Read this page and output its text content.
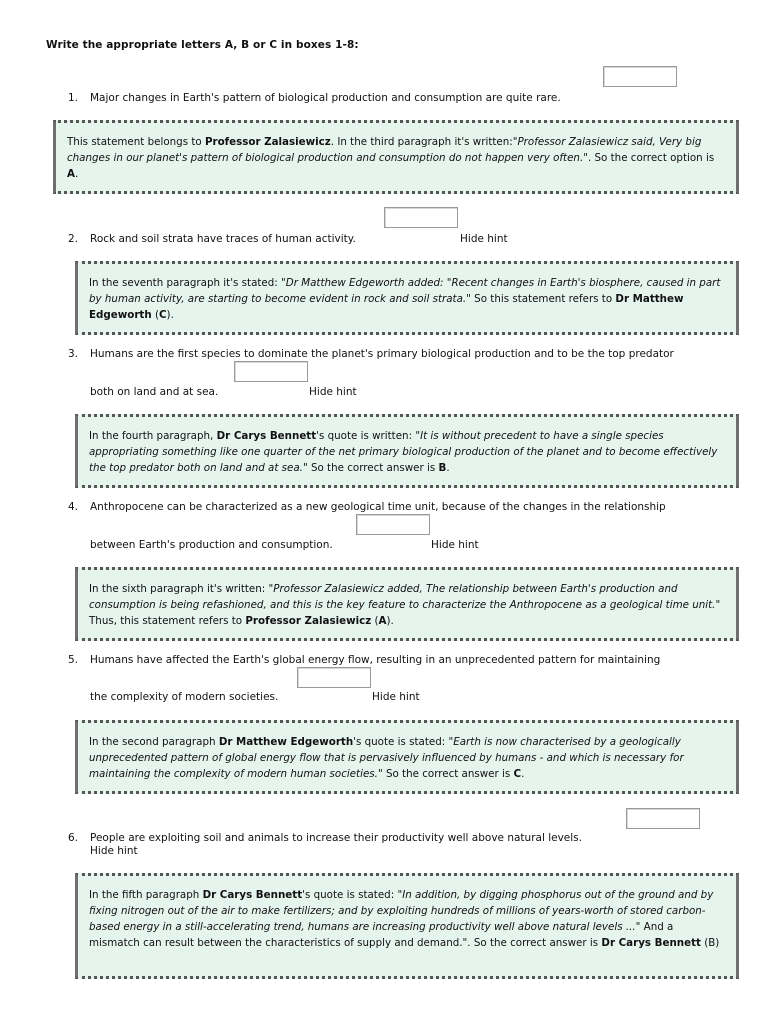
Write the appropriate letters A, B or C in boxes 1-8:
1. Major changes in Earth's pattern of biological production and consumption are quite rare.

This statement belongs to Professor Zalasiewicz. In the third paragraph it's written:"Professor Zalasiewicz said, Very big changes in our planet's pattern of biological production and consumption do not happen very often.". So the correct option is A.

2. Rock and soil strata have traces of human activity.	Hide hint

In the seventh paragraph it's stated: "Dr Matthew Edgeworth added: "Recent changes in Earth's biosphere, caused in part by human activity, are starting to become evident in rock and soil strata." So this statement refers to Dr Matthew Edgeworth (C).

3. Humans are the first species to dominate the planet's primary biological production and to be the top predator
both on land and at sea.	Hide hint

In the fourth paragraph, Dr Carys Bennett's quote is written: "It is without precedent to have a single species appropriating something like one quarter of the net primary biological production of the planet and to become effectively the top predator both on land and at sea." So the correct answer is B.

4. Anthropocene can be characterized as a new geological time unit, because of the changes in the relationship
between Earth's production and consumption.	Hide hint

In the sixth paragraph it's written: "Professor Zalasiewicz added, The relationship between Earth's production and consumption is being refashioned, and this is the key feature to characterize the Anthropocene as a geological time unit." Thus, this statement refers to Professor Zalasiewicz (A).

5. Humans have affected the Earth's global energy flow, resulting in an unprecedented pattern for maintaining
the complexity of modern societies.	Hide hint

In the second paragraph Dr Matthew Edgeworth's quote is stated: "Earth is now characterised by a geologically unprecedented pattern of global energy flow that is pervasively influenced by humans - and which is necessary for maintaining the complexity of modern human societies." So the correct answer is C.

6. People are exploiting soil and animals to increase their productivity well above natural levels.
Hide hint

In the fifth paragraph Dr Carys Bennett's quote is stated: "In addition, by digging phosphorus out of the ground and by fixing nitrogen out of the air to make fertilizers; and by exploiting hundreds of millions of years-worth of stored carbon-based energy in a still-accelerating trend, humans are increasing productivity well above natural levels ..." And a mismatch can result between the characteristics of supply and demand.". So the correct answer is Dr Carys Bennett (B)
